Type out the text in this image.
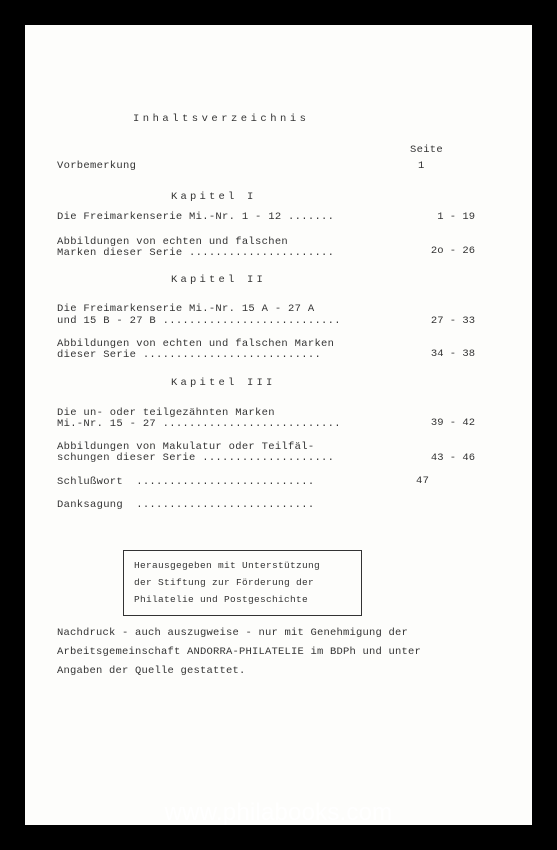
Inhaltsverzeichnis
Seite
Vorbemerkung	1
Kapitel I
Die Freimarkenserie Mi.-Nr. 1 - 12 .......	1 - 19
Abbildungen von echten und falschen
Marken dieser Serie ......................	2o - 26
Kapitel II
Die Freimarkenserie Mi.-Nr. 15 A - 27 A
und 15 B - 27 B ...........................	27 - 33
Abbildungen von echten und falschen Marken
dieser Serie ...........................	34 - 38
Kapitel III
Die un- oder teilgezähnten Marken
Mi.-Nr. 15 - 27 ...........................	39 - 42
Abbildungen von Makulatur oder Teilfäl-
schungen dieser Serie ....................	43 - 46
Schlußwort  ...........................	47
Danksagung  ...........................
Herausgegeben mit Unterstützung
der Stiftung zur Förderung der
Philatelie und Postgeschichte
Nachdruck - auch auszugweise - nur mit Genehmigung der
Arbeitsgemeinschaft ANDORRA-PHILATELIE im BDPh und unter
Angaben der Quelle gestattet.
www.philabooks.com
